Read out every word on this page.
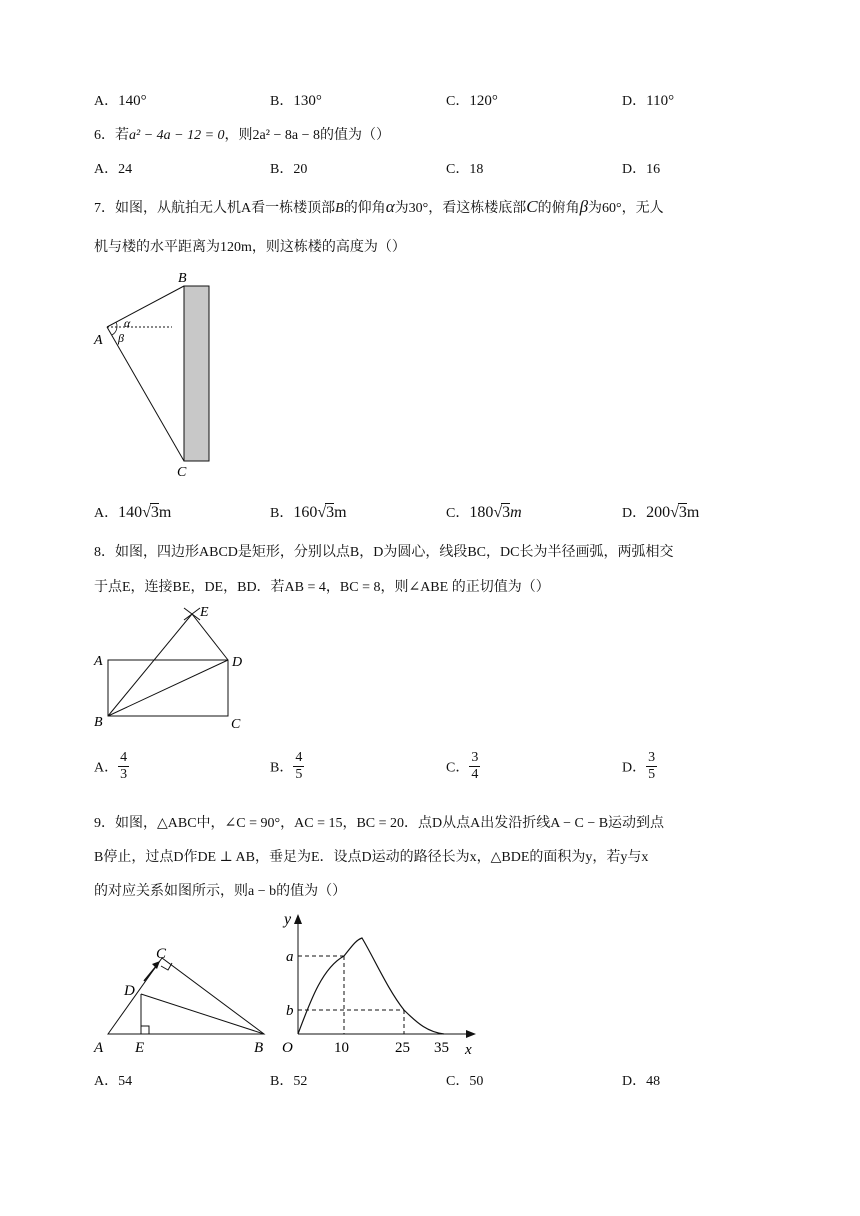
A．140°	B．130°	C．120°	D．110°
6．若a² − 4a − 12 = 0，则2a² − 8a − 8的值为（）
A．24	B．20	C．18	D．16
7．如图，从航拍无人机A看一栋楼顶部B的仰角α为30°，看这栋楼底部C的俯角β为60°，无人
机与楼的水平距离为120m，则这栋楼的高度为（）
B
A
C
α
β
A．140√3m	B．160√3m	C．180√3m	D．200√3m
8．如图，四边形ABCD是矩形，分别以点B，D为圆心，线段BC，DC长为半径画弧，两弧相交
于点E，连接BE，DE，BD．若AB = 4，BC = 8，则∠ABE 的正切值为（）
E
A	D
B	C
A． $\frac{4}{3}$	B． $\frac{4}{5}$	C． $\frac{3}{4}$	D． $\frac{3}{5}$
9．如图，△ABC中，∠C = 90°，AC = 15，BC = 20．点D从点A出发沿折线A − C − B运动到点
B停止，过点D作DE ⊥ AB，垂足为E．设点D运动的路径长为x，△BDE的面积为y，若y与x
的对应关系如图所示，则a − b的值为（）
C
D
A E	B
y
x
O
a
b
10	25 35
A．54	B．52	C．50	D．48
